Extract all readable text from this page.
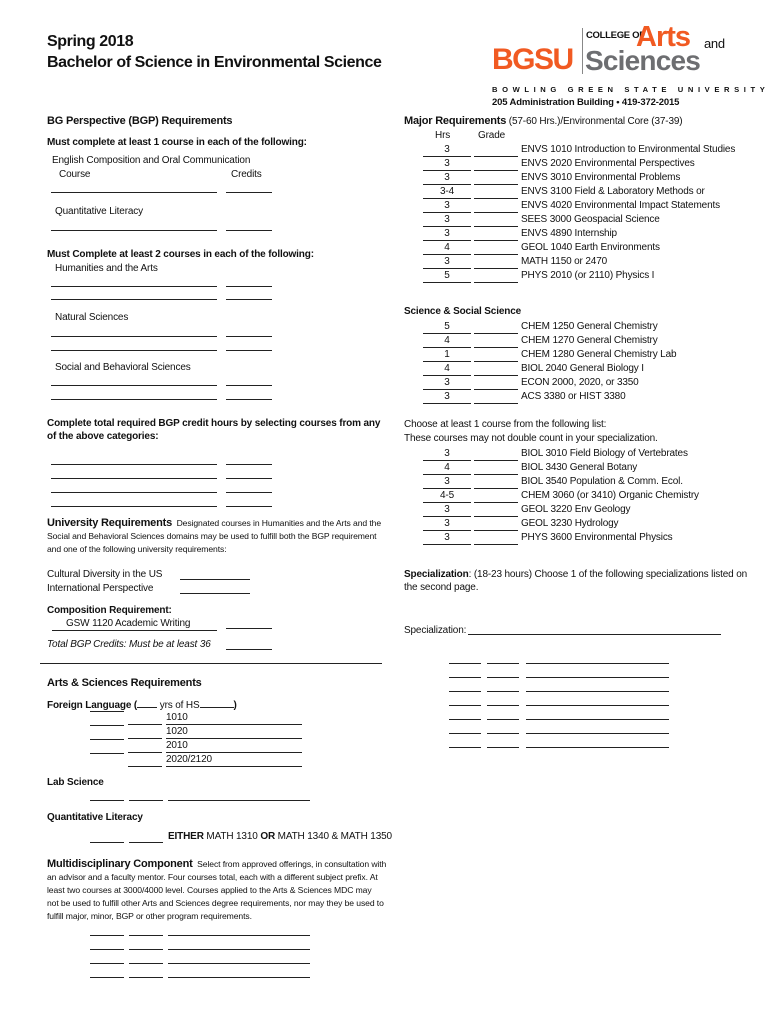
Spring 2018
Bachelor of Science in Environmental Science	BGSU
COLLEGE OF
Arts and
Sciences
BOWLING GREEN STATE UNIVERSITY
205 Administration Building • 419-372-2015
BG Perspective (BGP) Requirements
Must complete at least 1 course in each of the following:
English Composition and Oral Communication
Course	Credits
Quantitative Literacy
Must Complete at least 2 courses in each of the following:
Humanities and the Arts
Natural Sciences
Social and Behavioral Sciences
Complete total required BGP credit hours by selecting courses from any of the above categories:
University Requirements Designated courses in Humanities and the Arts and the
Social and Behavioral Sciences domains may be used to fulfill both the BGP requirement
and one of the following university requirements:
Cultural Diversity in the US
International Perspective
Composition Requirement:
GSW 1120 Academic Writing
Total BGP Credits: Must be at least 36
Arts & Sciences Requirements
Foreign Language ( yrs of HS	)
1010
1020
2010
2020/2120
Lab Science
Quantitative Literacy
EITHER MATH 1310 OR MATH 1340 & MATH 1350
Multidisciplinary Component Select from approved offerings, in consultation with
an advisor and a faculty mentor. Four courses total, each with a different subject prefix. At
least two courses at 3000/4000 level. Courses applied to the Arts & Sciences MDC may
not be used to fulfill other Arts and Sciences degree requirements, nor may they be used to
fulfill major, minor, BGP or other program requirements.
Major Requirements (57-60 Hrs.)/Environmental Core (37-39)
Hrs	Grade
3	ENVS 1010 Introduction to Environmental Studies
3	ENVS 2020 Environmental Perspectives
3	ENVS 3010 Environmental Problems
3-4	ENVS 3100 Field & Laboratory Methods or
3	ENVS 4020 Environmental Impact Statements
3	SEES 3000 Geospacial Science
3	ENVS 4890 Internship
4	GEOL 1040 Earth Environments
3	MATH 1150 or 2470
5	PHYS 2010 (or 2110) Physics I
Science & Social Science
5	CHEM 1250 General Chemistry
4	CHEM 1270 General Chemistry
1	CHEM 1280 General Chemistry Lab
4	BIOL 2040 General Biology I
3	ECON 2000, 2020, or 3350
3	ACS 3380 or HIST 3380
Choose at least 1 course from the following list:
These courses may not double count in your specialization.
3	BIOL 3010 Field Biology of Vertebrates
4	BIOL 3430 General Botany
3	BIOL 3540 Population & Comm. Ecol.
4-5	CHEM 3060 (or 3410) Organic Chemistry
3	GEOL 3220 Env Geology
3	GEOL 3230 Hydrology
3	PHYS 3600 Environmental Physics
Specialization: (18-23 hours) Choose 1 of the following specializations listed on
the second page.
Specialization:
